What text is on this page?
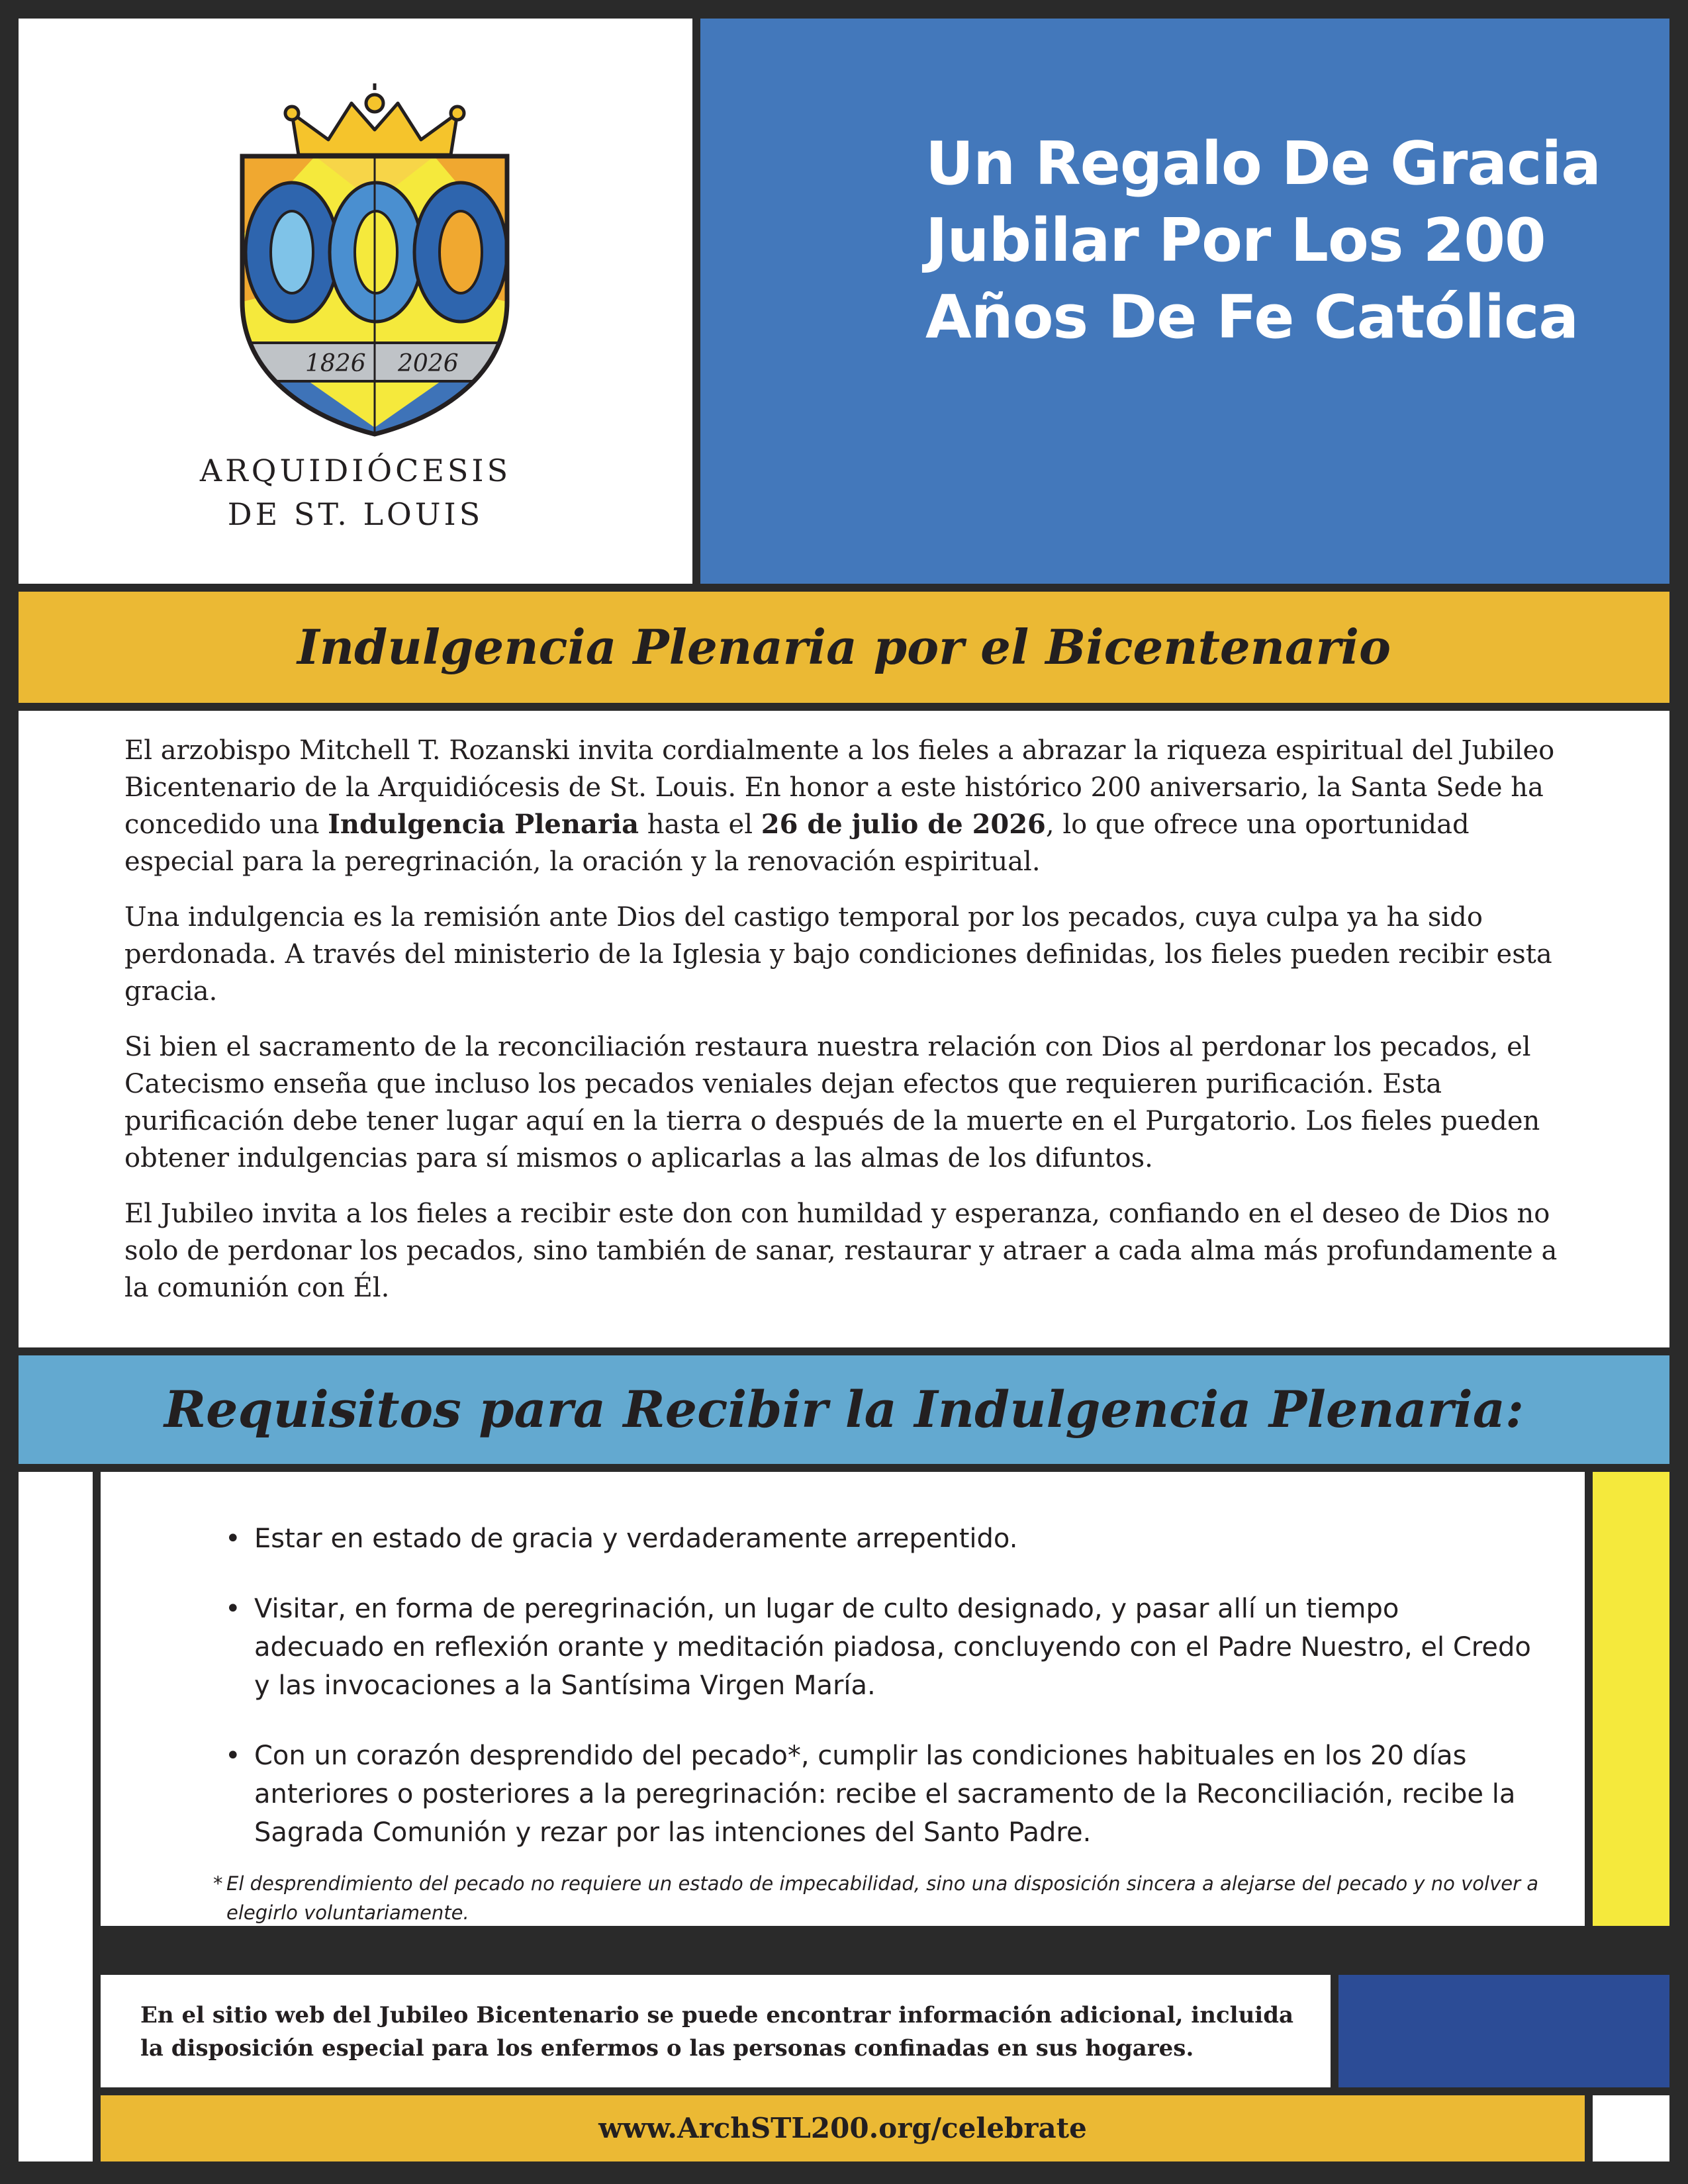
1826 2026
ARQUIDIÓCESIS
DE ST. LOUIS
Un Regalo De Gracia Jubilar Por Los 200 Años De Fe Católica
Indulgencia Plenaria por el Bicentenario

El arzobispo Mitchell T. Rozanski invita cordialmente a los fieles a abrazar la riqueza espiritual del Jubileo Bicentenario de la Arquidiócesis de St. Louis. En honor a este histórico 200 aniversario, la Santa Sede ha concedido una Indulgencia Plenaria hasta el 26 de julio de 2026, lo que ofrece una oportunidad especial para la peregrinación, la oración y la renovación espiritual.

Una indulgencia es la remisión ante Dios del castigo temporal por los pecados, cuya culpa ya ha sido perdonada. A través del ministerio de la Iglesia y bajo condiciones definidas, los fieles pueden recibir esta gracia.

Si bien el sacramento de la reconciliación restaura nuestra relación con Dios al perdonar los pecados, el Catecismo enseña que incluso los pecados veniales dejan efectos que requieren purificación. Esta purificación debe tener lugar aquí en la tierra o después de la muerte en el Purgatorio. Los fieles pueden obtener indulgencias para sí mismos o aplicarlas a las almas de los difuntos.

El Jubileo invita a los fieles a recibir este don con humildad y esperanza, confiando en el deseo de Dios no solo de perdonar los pecados, sino también de sanar, restaurar y atraer a cada alma más profundamente a la comunión con Él.

Requisitos para Recibir la Indulgencia Plenaria:
• Estar en estado de gracia y verdaderamente arrepentido.
• Visitar, en forma de peregrinación, un lugar de culto designado, y pasar allí un tiempo adecuado en reflexión orante y meditación piadosa, concluyendo con el Padre Nuestro, el Credo y las invocaciones a la Santísima Virgen María.
• Con un corazón desprendido del pecado*, cumplir las condiciones habituales en los 20 días anteriores o posteriores a la peregrinación: recibe el sacramento de la Reconciliación, recibe la Sagrada Comunión y rezar por las intenciones del Santo Padre.
* El desprendimiento del pecado no requiere un estado de impecabilidad, sino una disposición sincera a alejarse del pecado y no volver a elegirlo voluntariamente.

En el sitio web del Jubileo Bicentenario se puede encontrar información adicional, incluida la disposición especial para los enfermos o las personas confinadas en sus hogares.

www.ArchSTL200.org/celebrate
